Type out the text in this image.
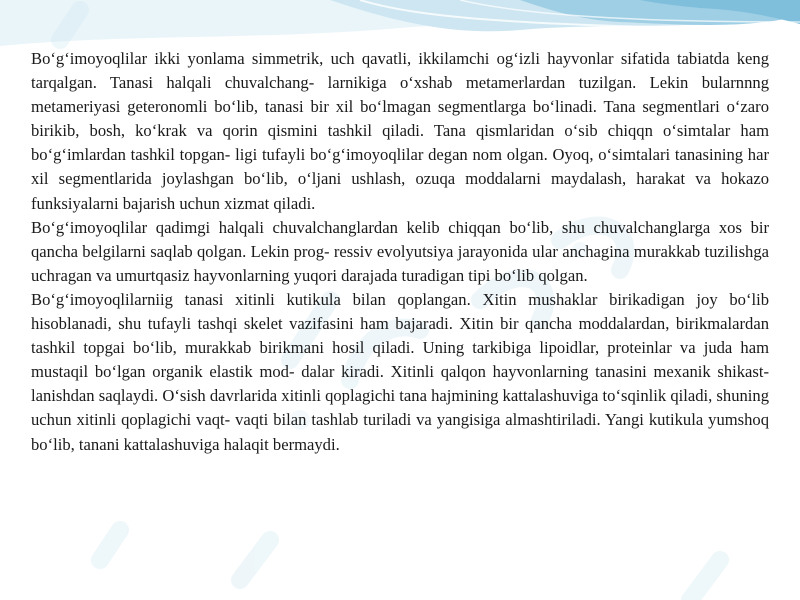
Bo‘g‘imoyoqlilar ikki yonlama simmetrik, uch qavatli, ikkilamchi og‘izli hayvonlar sifatida tabiatda keng tarqalgan. Tanasi halqali chuvalchang- larnikiga o‘xshab metamerlardan tuzilgan. Lekin bularnnng metameriyasi geteronomli bo‘lib, tanasi bir xil bo‘lmagan segmentlarga bo‘linadi. Tana segmentlari o‘zaro birikib, bosh, ko‘krak va qorin qismini tashkil qiladi. Tana qismlaridan o‘sib chiqqn o‘simtalar ham bo‘g‘imlardan tashkil topgan- ligi tufayli bo‘g‘imoyoqlilar degan nom olgan. Oyoq, o‘simtalari tanasining har xil segmentlarida joylashgan bo‘lib, o‘ljani ushlash, ozuqa moddalarni maydalash, harakat va hokazo funksiyalarni bajarish uchun xizmat qiladi.

Bo‘g‘imoyoqlilar qadimgi halqali chuvalchanglardan kelib chiqqan bo‘lib, shu chuvalchanglarga xos bir qancha belgilarni saqlab qolgan. Lekin prog- ressiv evolyutsiya jarayonida ular anchagina murakkab tuzilishga uchragan va umurtqasiz hayvonlarning yuqori darajada turadigan tipi bo‘lib qolgan.

Bo‘g‘imoyoqlilarniig tanasi xitinli kutikula bilan qoplangan. Xitin mushaklar birikadigan joy bo‘lib hisoblanadi, shu tufayli tashqi skelet vazifasini ham bajaradi. Xitin bir qancha moddalardan, birikmalardan tashkil topgai bo‘lib, murakkab birikmani hosil qiladi. Uning tarkibiga lipoidlar, proteinlar va juda ham mustaqil bo‘lgan organik elastik mod- dalar kiradi. Xitinli qalqon hayvonlarning tanasini mexanik shikast- lanishdan saqlaydi. O‘sish davrlarida xitinli qoplagichi tana hajmining kattalashuviga to‘sqinlik qiladi, shuning uchun xitinli qoplagichi vaqt- vaqti bilan tashlab turiladi va yangisiga almashtiriladi. Yangi kutikula yumshoq bo‘lib, tanani kattalashuviga halaqit bermaydi.
